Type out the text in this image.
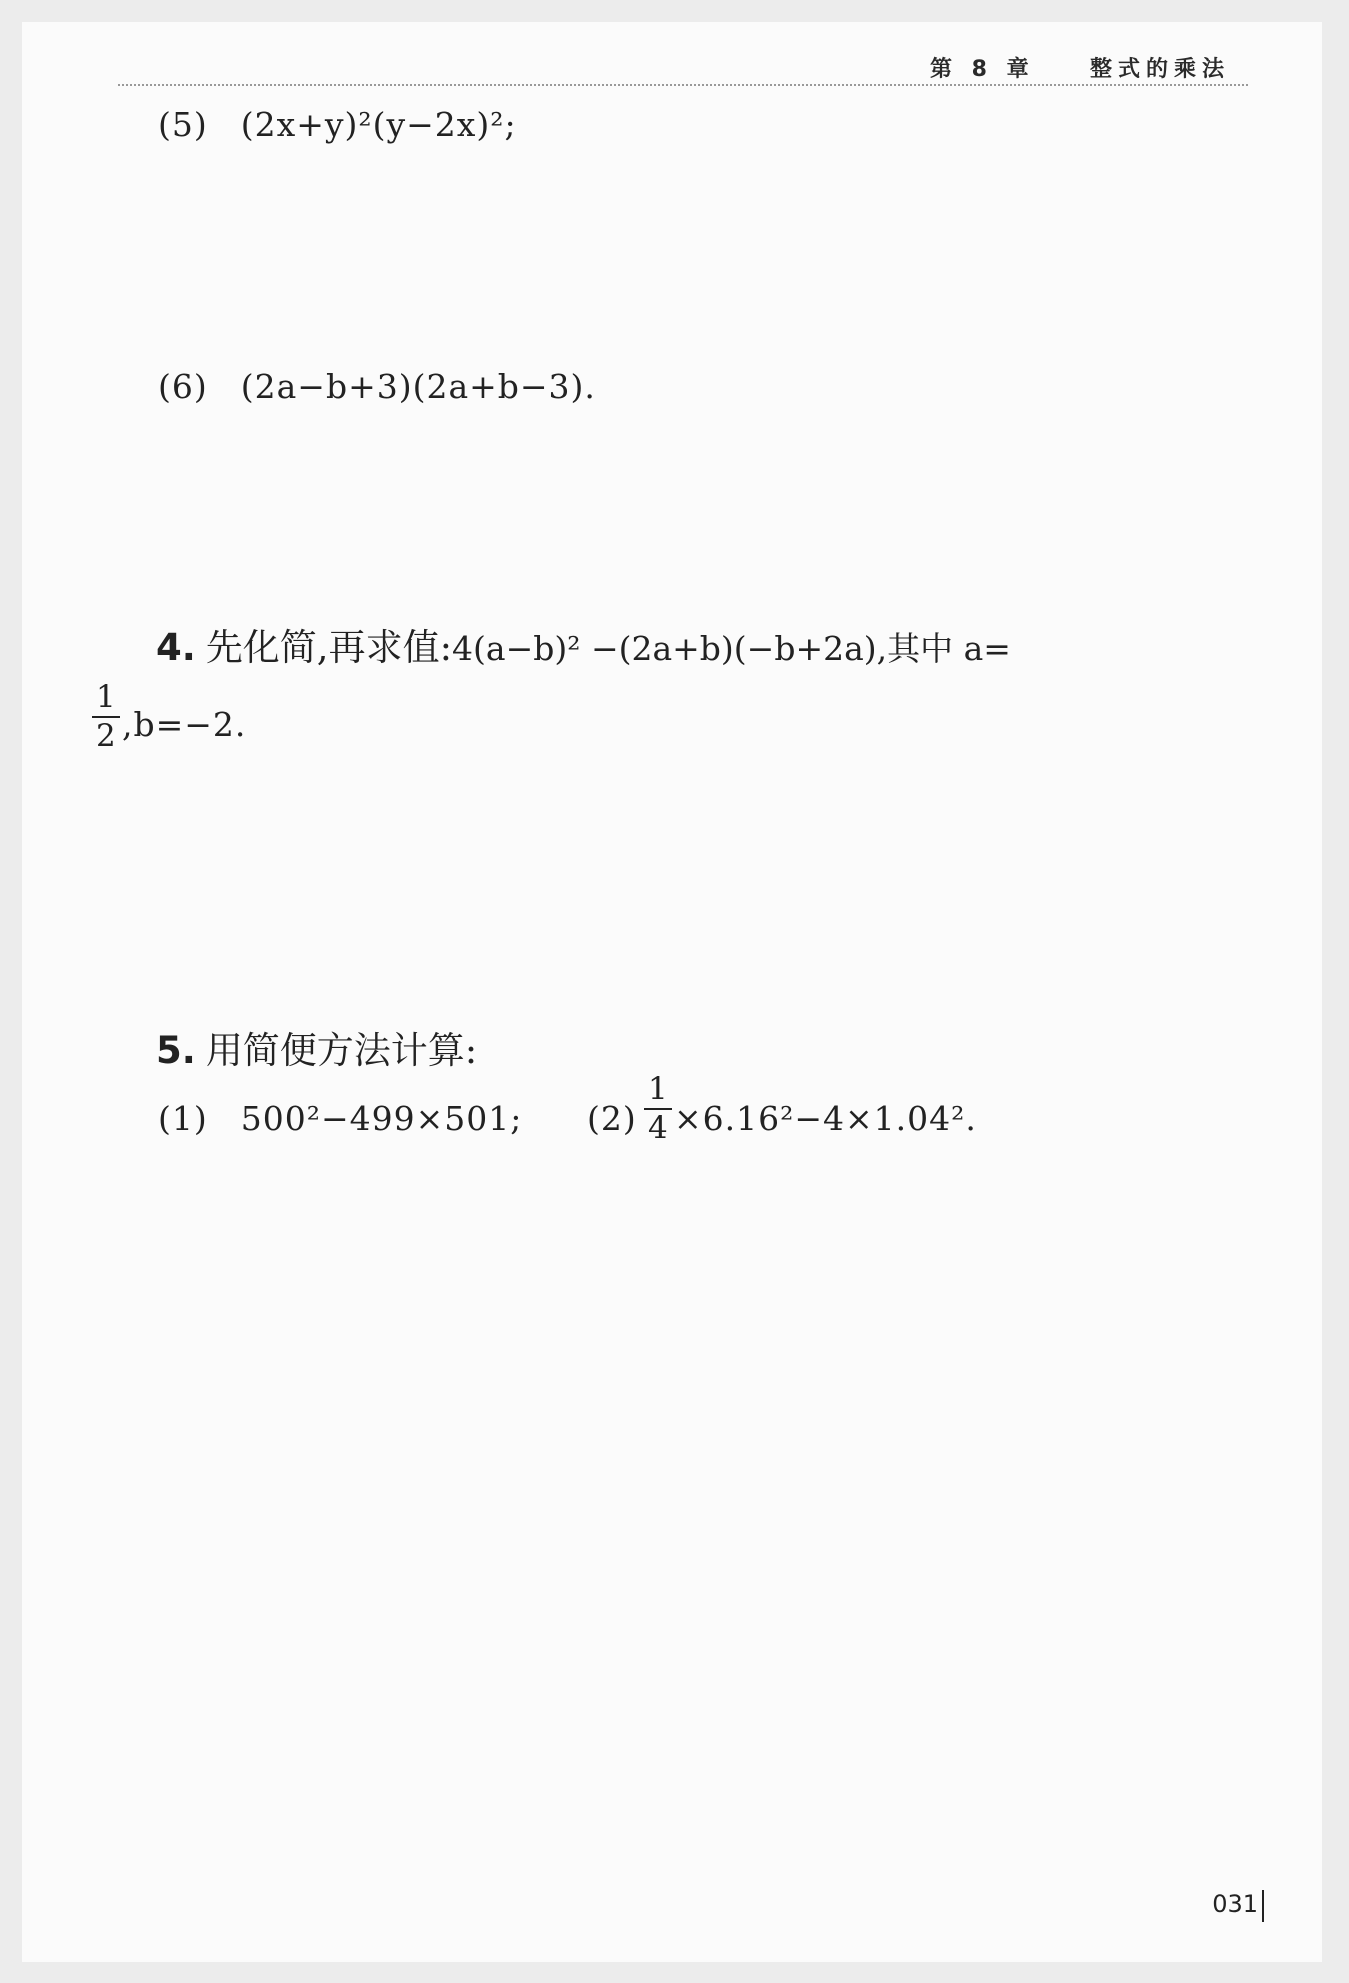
第 8 章	整式的乘法
(5) (2x+y)²(y−2x)²;
(6) (2a−b+3)(2a+b−3).
4. 先化简,再求值:4(a−b)² −(2a+b)(−b+2a),其中 a=
$\frac{1}{2} ,b=-2$.
5. 用简便方法计算:
(1) 500²−499×501; $(2) \frac{1}{4} \times 6.16^2-4\times 1.04^2$.
031
